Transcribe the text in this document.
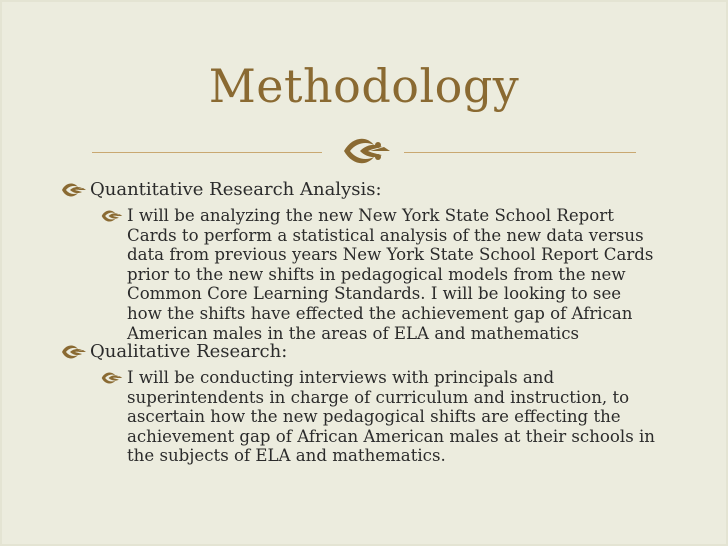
Methodology
Quantitative Research Analysis:
I will be analyzing the new New York State School Report
Cards to perform a statistical analysis of the new data versus
data from previous years New York State School Report Cards
prior to the new shifts in pedagogical models from the new
Common Core Learning Standards. I will be looking to see
how the shifts have effected the achievement gap of African
American males in the areas of ELA and mathematics
Qualitative Research:
I will be conducting interviews with principals and
superintendents in charge of curriculum and instruction, to
ascertain how the new pedagogical shifts are effecting the
achievement gap of African American males at their schools in
the subjects of ELA and mathematics.
